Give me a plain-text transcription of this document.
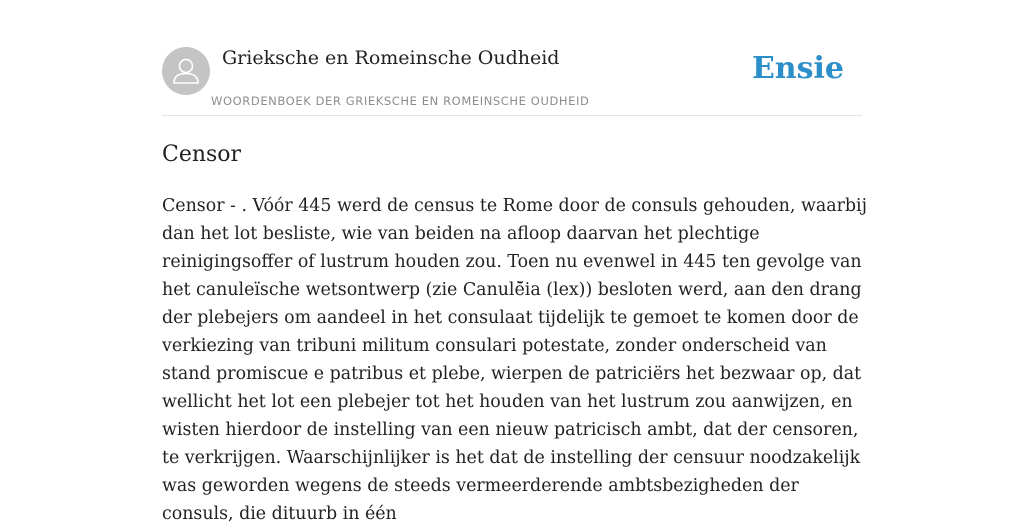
Grieksche en Romeinsche Oudheid
WOORDENBOEK DER GRIEKSCHE EN ROMEINSCHE OUDHEID
Ensie
Censor

Censor - . Vóór 445 werd de census te Rome door de consuls gehouden, waarbij dan het lot besliste, wie van beiden na afloop daarvan het plechtige reinigingsoffer of lustrum houden zou. Toen nu evenwel in 445 ten gevolge van het canuleïsche wetsontwerp (zie Canulē̆ia (lex)) besloten werd, aan den drang der plebejers om aandeel in het consulaat tijdelijk te gemoet te komen door de verkiezing van tribuni militum consulari potestate, zonder onderscheid van stand promiscue e patribus et plebe, wierpen de patriciërs het bezwaar op, dat wellicht het lot een plebejer tot het houden van het lustrum zou aanwijzen, en wisten hierdoor de instelling van een nieuw patricisch ambt, dat der censoren, te verkrijgen. Waarschijnlijker is het dat de instelling der censuur noodzakelijk was geworden wegens de steeds vermeerderende ambtsbezigheden der consuls, die dituurb in één
